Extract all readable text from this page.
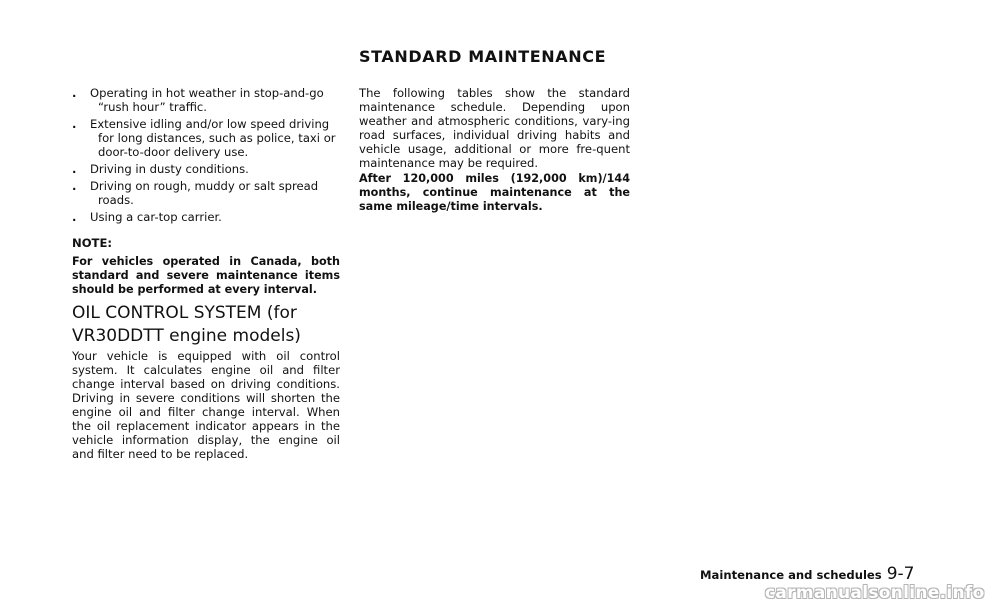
. Operating in hot weather in stop-and-go
“rush hour” traffic.
. Extensive idling and/or low speed driving
for long distances, such as police, taxi or door-to-door delivery use.
. Driving in dusty conditions.
. Driving on rough, muddy or salt spread
roads.
. Using a car-top carrier.
NOTE:
For vehicles operated in Canada, both standard and severe maintenance items should be performed at every interval.
OIL CONTROL SYSTEM (for VR30DDTT engine models)

Your vehicle is equipped with oil control system. It calculates engine oil and filter change interval based on driving conditions. Driving in severe conditions will shorten the engine oil and filter change interval. When the oil replacement indicator appears in the vehicle information display, the engine oil and filter need to be replaced.

STANDARD MAINTENANCE

The following tables show the standard maintenance schedule. Depending upon weather and atmospheric conditions, vary-ing road surfaces, individual driving habits and vehicle usage, additional or more fre-quent maintenance may be required.

After 120,000 miles (192,000 km)/144 months, continue maintenance at the same mileage/time intervals.

Maintenance and schedules 9-7
carmanualsonline.info
